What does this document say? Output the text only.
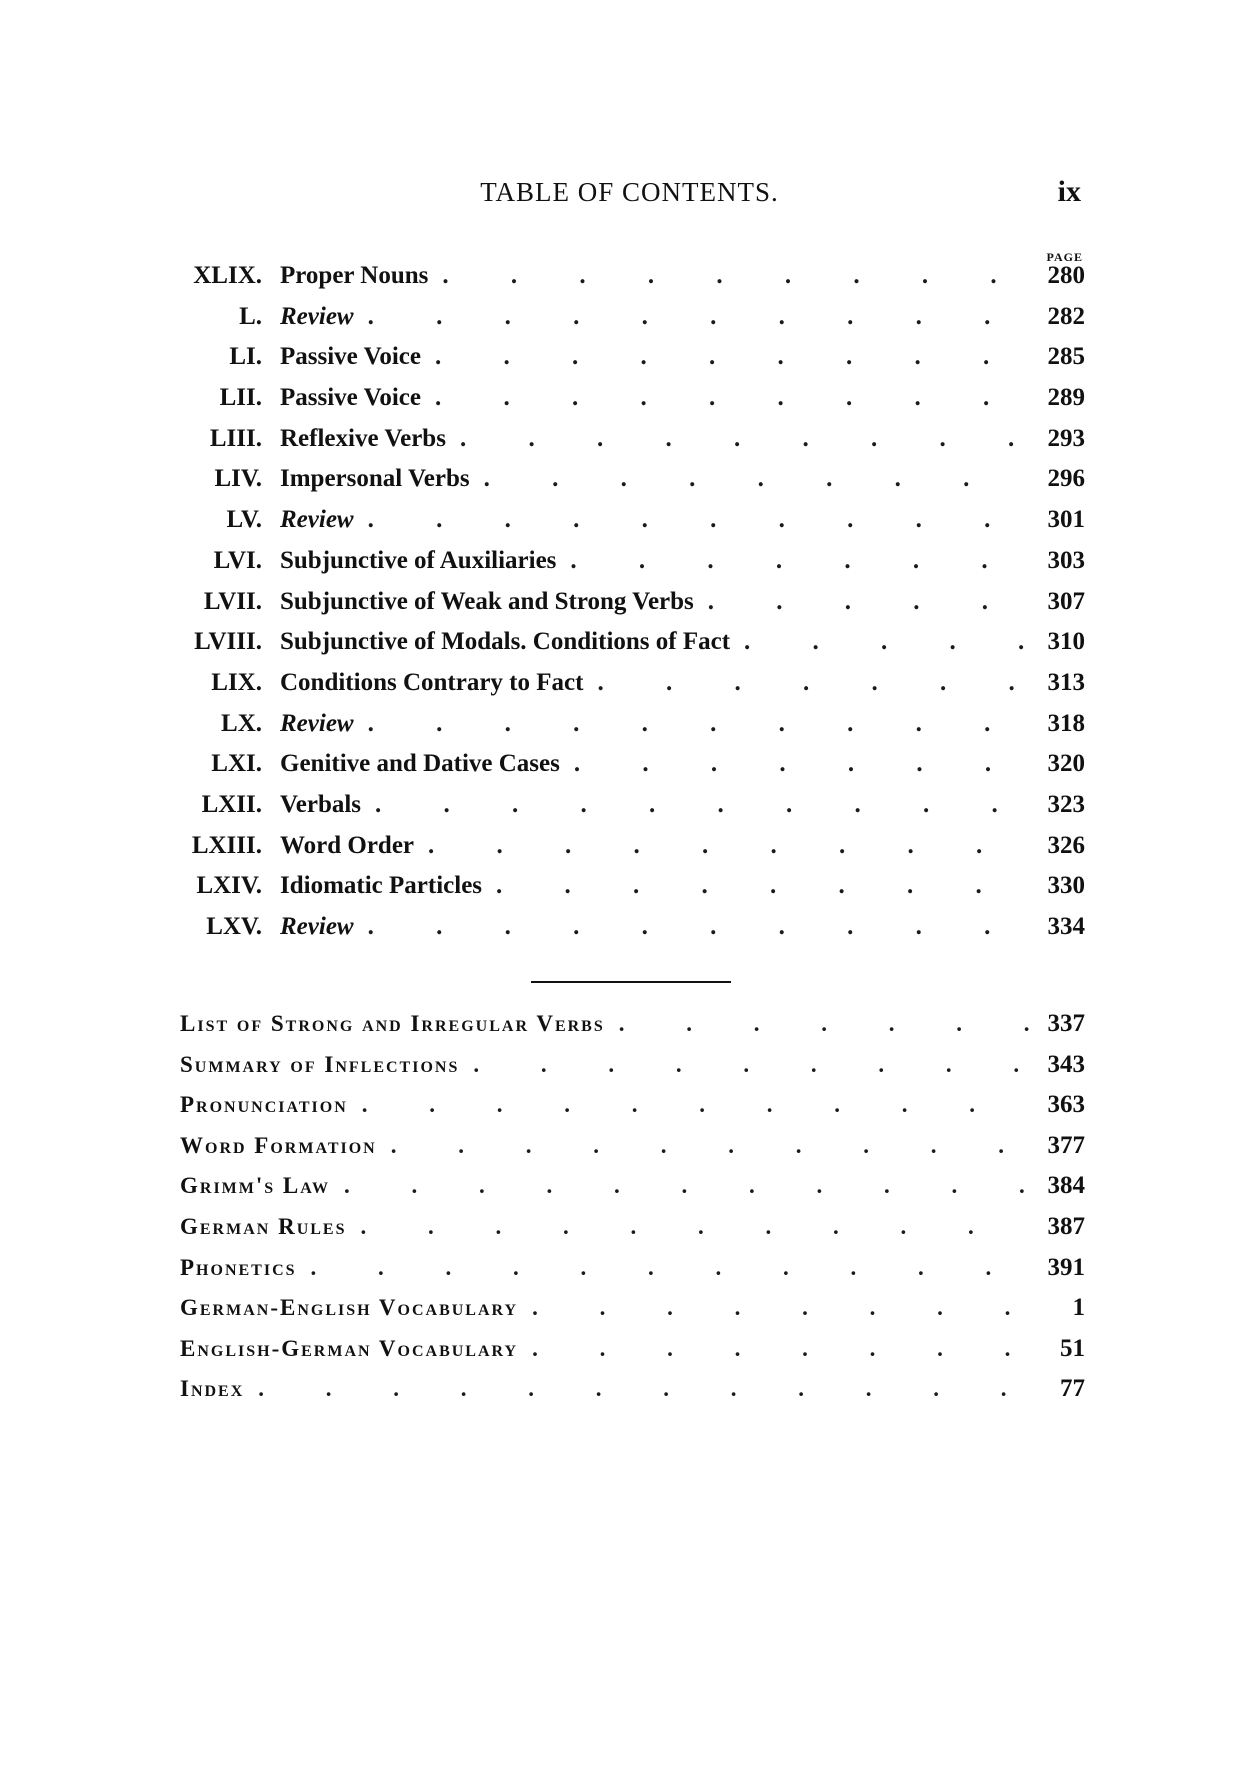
TABLE OF CONTENTS.	ix
PAGE
XLIX. Proper Nouns . . .	280
L. Review . . .	282
LI. Passive Voice . . .	285
LII. Passive Voice . . .	289
LIII. Reflexive Verbs . . .	293
LIV. Impersonal Verbs . . .	296
LV. Review . . .	301
LVI. Subjunctive of Auxiliaries . . .	303
LVII. Subjunctive of Weak and Strong Verbs . . .	307
LVIII. Subjunctive of Modals. Conditions of Fact . . .	310
LIX. Conditions Contrary to Fact . . .	313
LX. Review . . .	318
LXI. Genitive and Dative Cases . . .	320
LXII. Verbals . . .	323
LXIII. Word Order . . .	326
LXIV. Idiomatic Particles . . .	330
LXV. Review . . .	334
List of Strong and Irregular Verbs . . .	337
Summary of Inflections . . .	343
Pronunciation . . .	363
Word Formation . . .	377
Grimm's Law . . .	384
German Rules . . .	387
Phonetics . . .	391
German-English Vocabulary . . .	1
English-German Vocabulary . . .	51
Index . . .	77
